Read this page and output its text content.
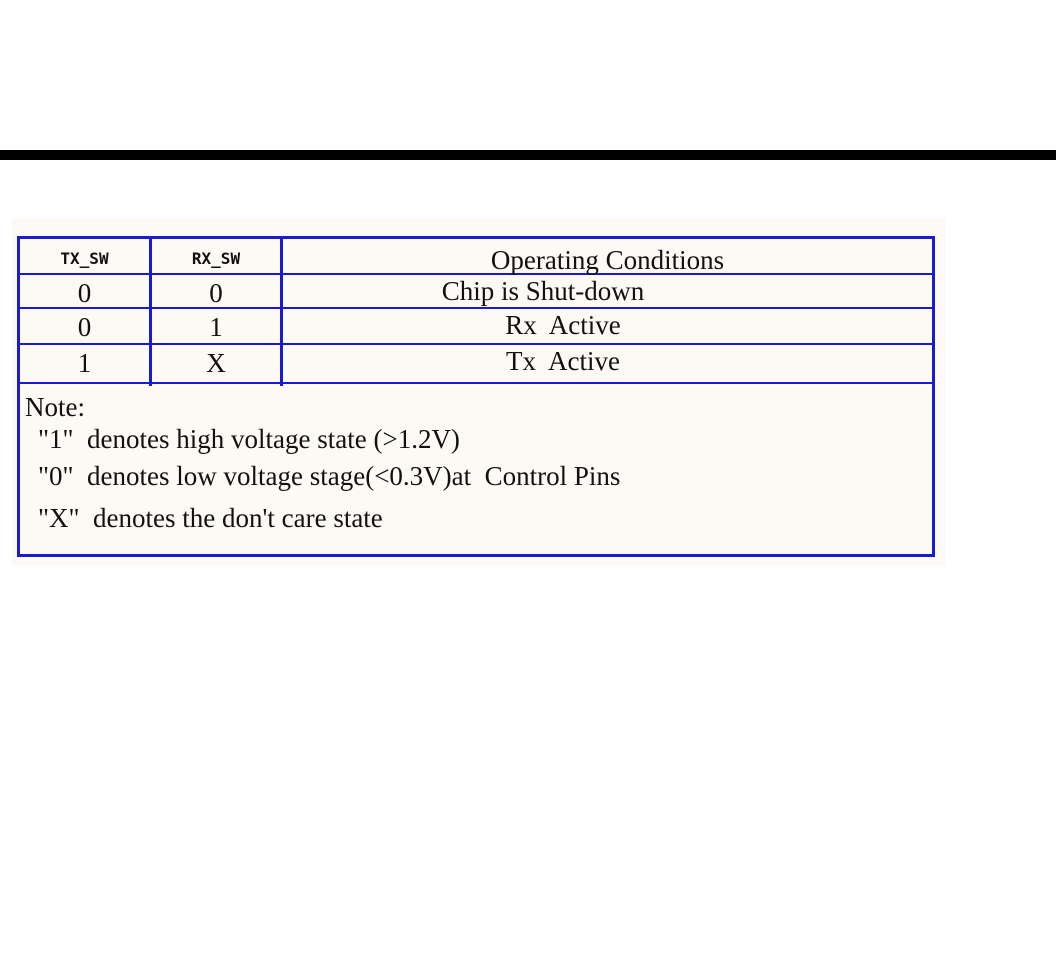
TX_SW	RX_SW	Operating Conditions
0	0	Chip is Shut-down
0	1	Rx  Active
1	X	Tx  Active
Note:
"1"  denotes high voltage state (>1.2V)
"0"  denotes low voltage stage(<0.3V)at  Control Pins
"X"  denotes the don't care state
